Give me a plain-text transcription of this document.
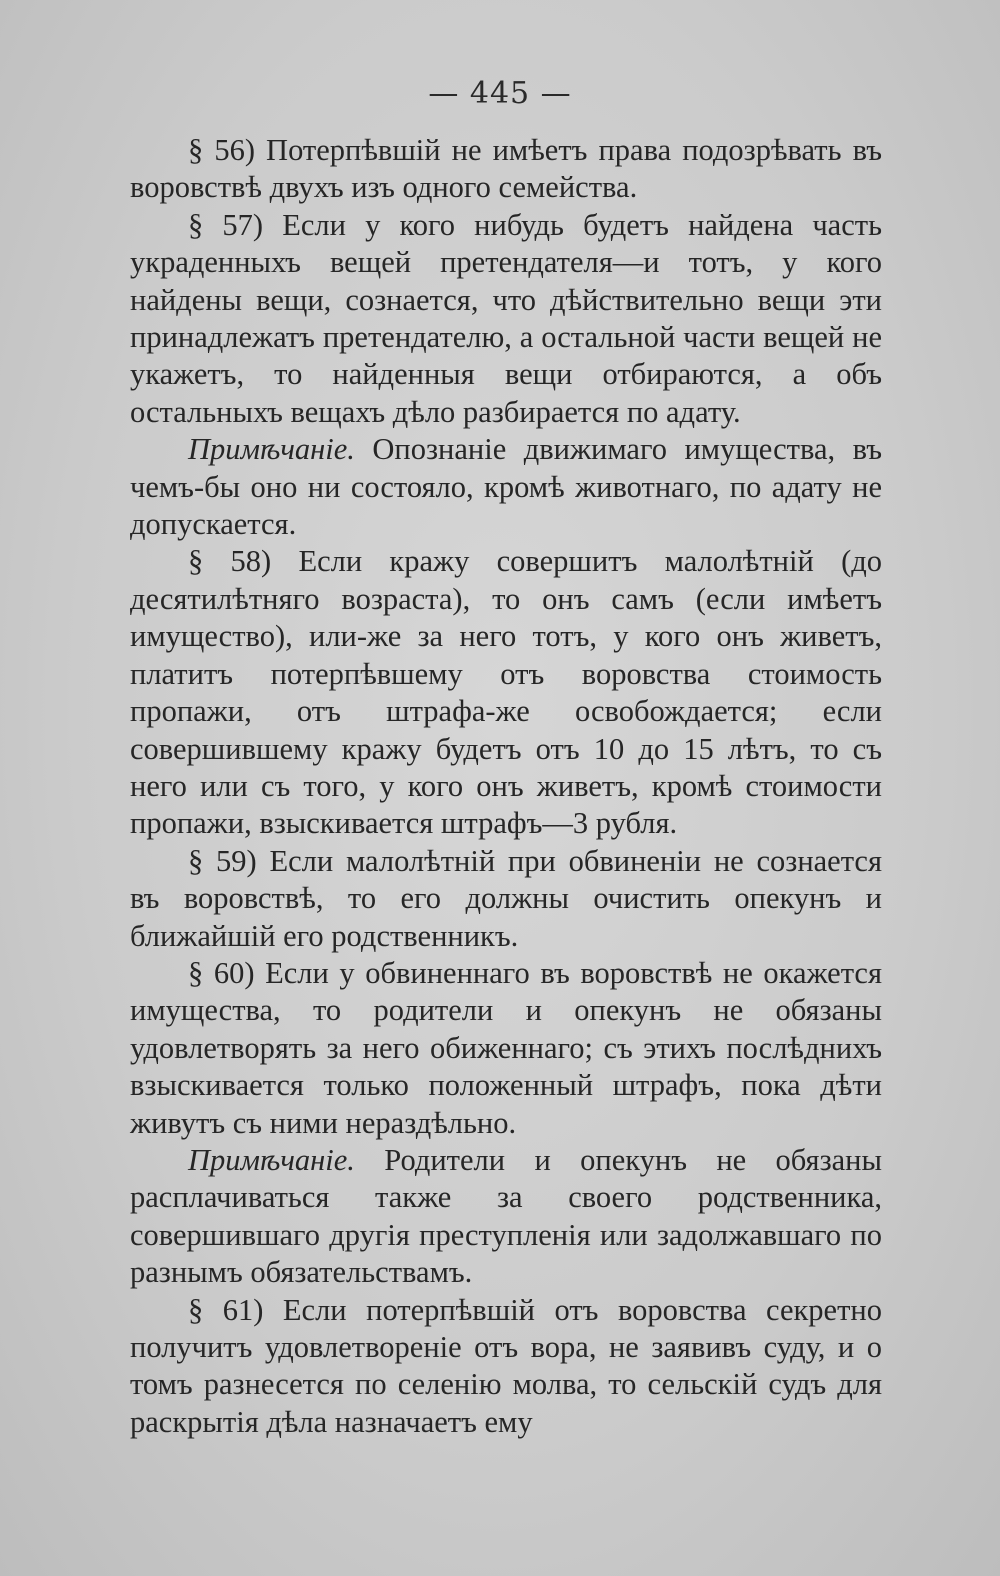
— 445 —

§ 56) Потерпѣвшій не имѣетъ права подозрѣвать въ воровствѣ двухъ изъ одного семейства.

§ 57) Если у кого нибудь будетъ найдена часть украденныхъ вещей претендателя—и тотъ, у кого найдены вещи, сознается, что дѣйствительно вещи эти принадлежатъ претендателю, а остальной части вещей не укажетъ, то найденныя вещи отбираются, а объ остальныхъ вещахъ дѣло разбирается по адату.

Примѣчаніе. Опознаніе движимаго имущества, въ чемъ-бы оно ни состояло, кромѣ животнаго, по адату не допускается.

§ 58) Если кражу совершитъ малолѣтній (до десятилѣтняго возраста), то онъ самъ (если имѣетъ имущество), или-же за него тотъ, у кого онъ живетъ, платитъ потерпѣвшему отъ воровства стоимость пропажи, отъ штрафа-же освобождается; если совершившему кражу будетъ отъ 10 до 15 лѣтъ, то съ него или съ того, у кого онъ живетъ, кромѣ стоимости пропажи, взыскивается штрафъ—3 рубля.

§ 59) Если малолѣтній при обвиненіи не сознается въ воровствѣ, то его должны очистить опекунъ и ближайшій его родственникъ.

§ 60) Если у обвиненнаго въ воровствѣ не окажется имущества, то родители и опекунъ не обязаны удовлетворять за него обиженнаго; съ этихъ послѣднихъ взыскивается только положенный штрафъ, пока дѣти живутъ съ ними нераздѣльно.

Примѣчаніе. Родители и опекунъ не обязаны расплачиваться также за своего родственника, совершившаго другія преступленія или задолжавшаго по разнымъ обязательствамъ.

§ 61) Если потерпѣвшій отъ воровства секретно получитъ удовлетвореніе отъ вора, не заявивъ суду, и о томъ разнесется по селенію молва, то сельскій судъ для раскрытія дѣла назначаетъ ему
